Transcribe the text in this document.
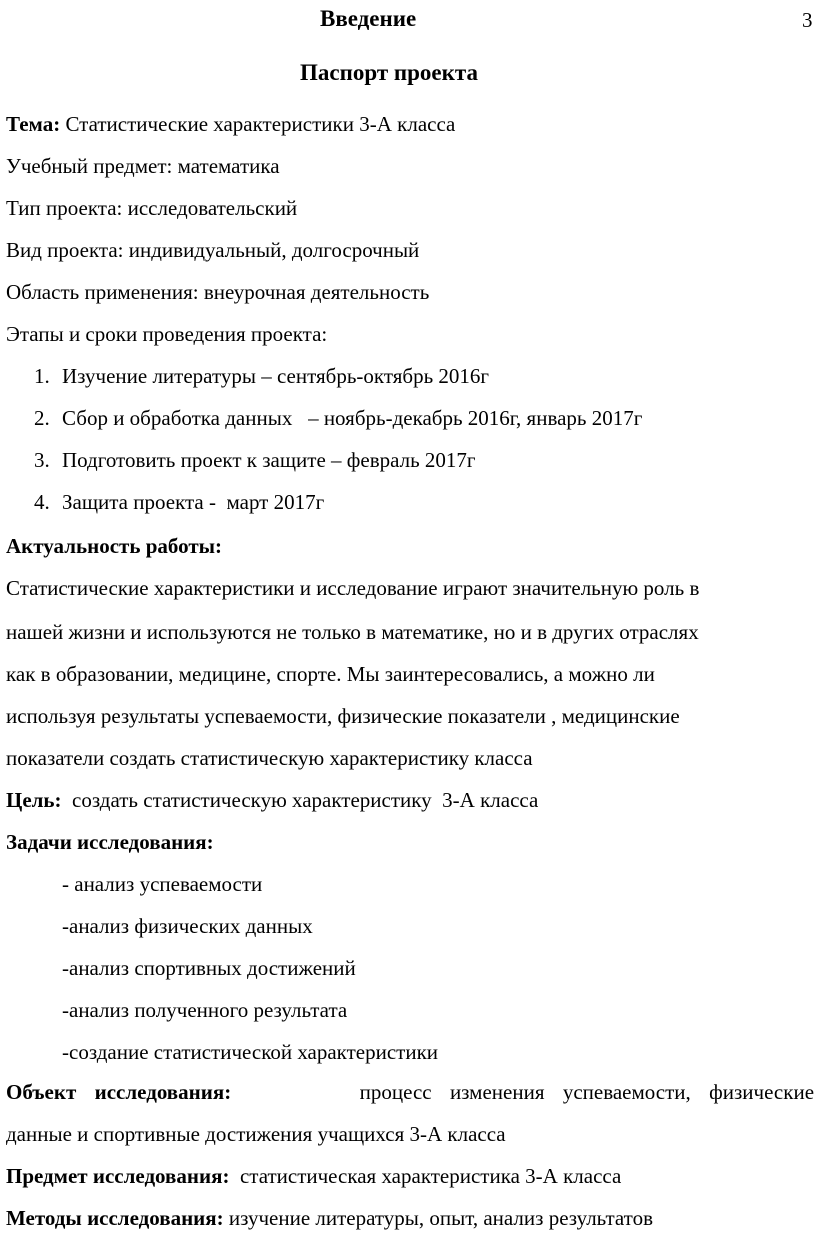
Введение	3
Паспорт проекта
Тема: Статистические характеристики 3-А класса
Учебный предмет: математика
Тип проекта: исследовательский
Вид проекта: индивидуальный, долгосрочный
Область применения: внеурочная деятельность
Этапы и сроки проведения проекта:
1. Изучение литературы – сентябрь-октябрь 2016г
2. Сбор и обработка данных   – ноябрь-декабрь 2016г, январь 2017г
3. Подготовить проект к защите – февраль 2017г
4. Защита проекта -  март 2017г
Актуальность работы:
Статистические характеристики и исследование играют значительную роль в
нашей жизни и используются не только в математике, но и в других отраслях
как в образовании, медицине, спорте. Мы заинтересовались, а можно ли
используя результаты успеваемости, физические показатели , медицинские
показатели создать статистическую характеристику класса
Цель:  создать статистическую характеристику  3-А класса
Задачи исследования:
- анализ успеваемости
-анализ физических данных
-анализ спортивных достижений
-анализ полученного результата
-создание статистической характеристики
Объект исследования:	процесс изменения успеваемости, физические
данные и спортивные достижения учащихся 3-А класса
Предмет исследования:  статистическая характеристика 3-А класса
Методы исследования: изучение литературы, опыт, анализ результатов
